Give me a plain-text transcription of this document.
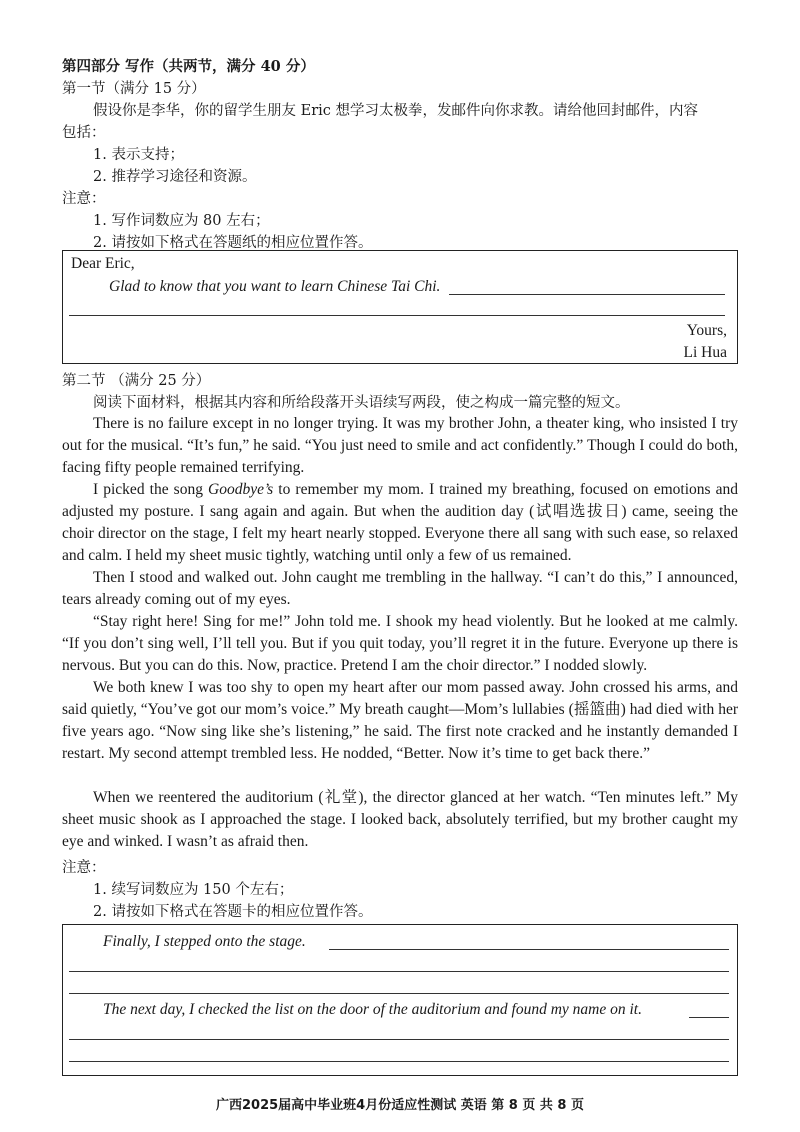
第四部分 写作（共两节，满分 40 分）
第一节（满分 15 分）
假设你是李华，你的留学生朋友 Eric 想学习太极拳，发邮件向你求教。请给他回封邮件，内容
包括：
1. 表示支持；
2. 推荐学习途径和资源。
注意：
1. 写作词数应为 80 左右；
2. 请按如下格式在答题纸的相应位置作答。
Dear Eric,
Glad to know that you want to learn Chinese Tai Chi.
Yours,
Li Hua
第二节 （满分 25 分）
阅读下面材料，根据其内容和所给段落开头语续写两段，使之构成一篇完整的短文。
There is no failure except in no longer trying. It was my brother John, a theater king, who insisted I try out for the musical. “It’s fun,” he said. “You just need to smile and act confidently.” Though I could do both, facing fifty people remained terrifying.
I picked the song Goodbye’s to remember my mom. I trained my breathing, focused on emotions and adjusted my posture. I sang again and again. But when the audition day (试唱选拔日) came, seeing the choir director on the stage, I felt my heart nearly stopped. Everyone there all sang with such ease, so relaxed and calm. I held my sheet music tightly, watching until only a few of us remained.
Then I stood and walked out. John caught me trembling in the hallway. “I can’t do this,” I announced, tears already coming out of my eyes.
“Stay right here! Sing for me!” John told me. I shook my head violently. But he looked at me calmly. “If you don’t sing well, I’ll tell you. But if you quit today, you’ll regret it in the future. Everyone up there is nervous. But you can do this. Now, practice. Pretend I am the choir director.” I nodded slowly.
We both knew I was too shy to open my heart after our mom passed away. John crossed his arms, and said quietly, “You’ve got our mom’s voice.” My breath caught—Mom’s lullabies (摇篮曲) had died with her five years ago. “Now sing like she’s listening,” he said. The first note cracked and he instantly demanded I restart. My second attempt trembled less. He nodded, “Better. Now it’s time to get back there.”
When we reentered the auditorium (礼堂), the director glanced at her watch. “Ten minutes left.” My sheet music shook as I approached the stage. I looked back, absolutely terrified, but my brother caught my eye and winked. I wasn’t as afraid then.
注意：
1. 续写词数应为 150 个左右；
2. 请按如下格式在答题卡的相应位置作答。
Finally, I stepped onto the stage.
The next day, I checked the list on the door of the auditorium and found my name on it.
广西2025届高中毕业班4月份适应性测试 英语 第 8 页 共 8 页
